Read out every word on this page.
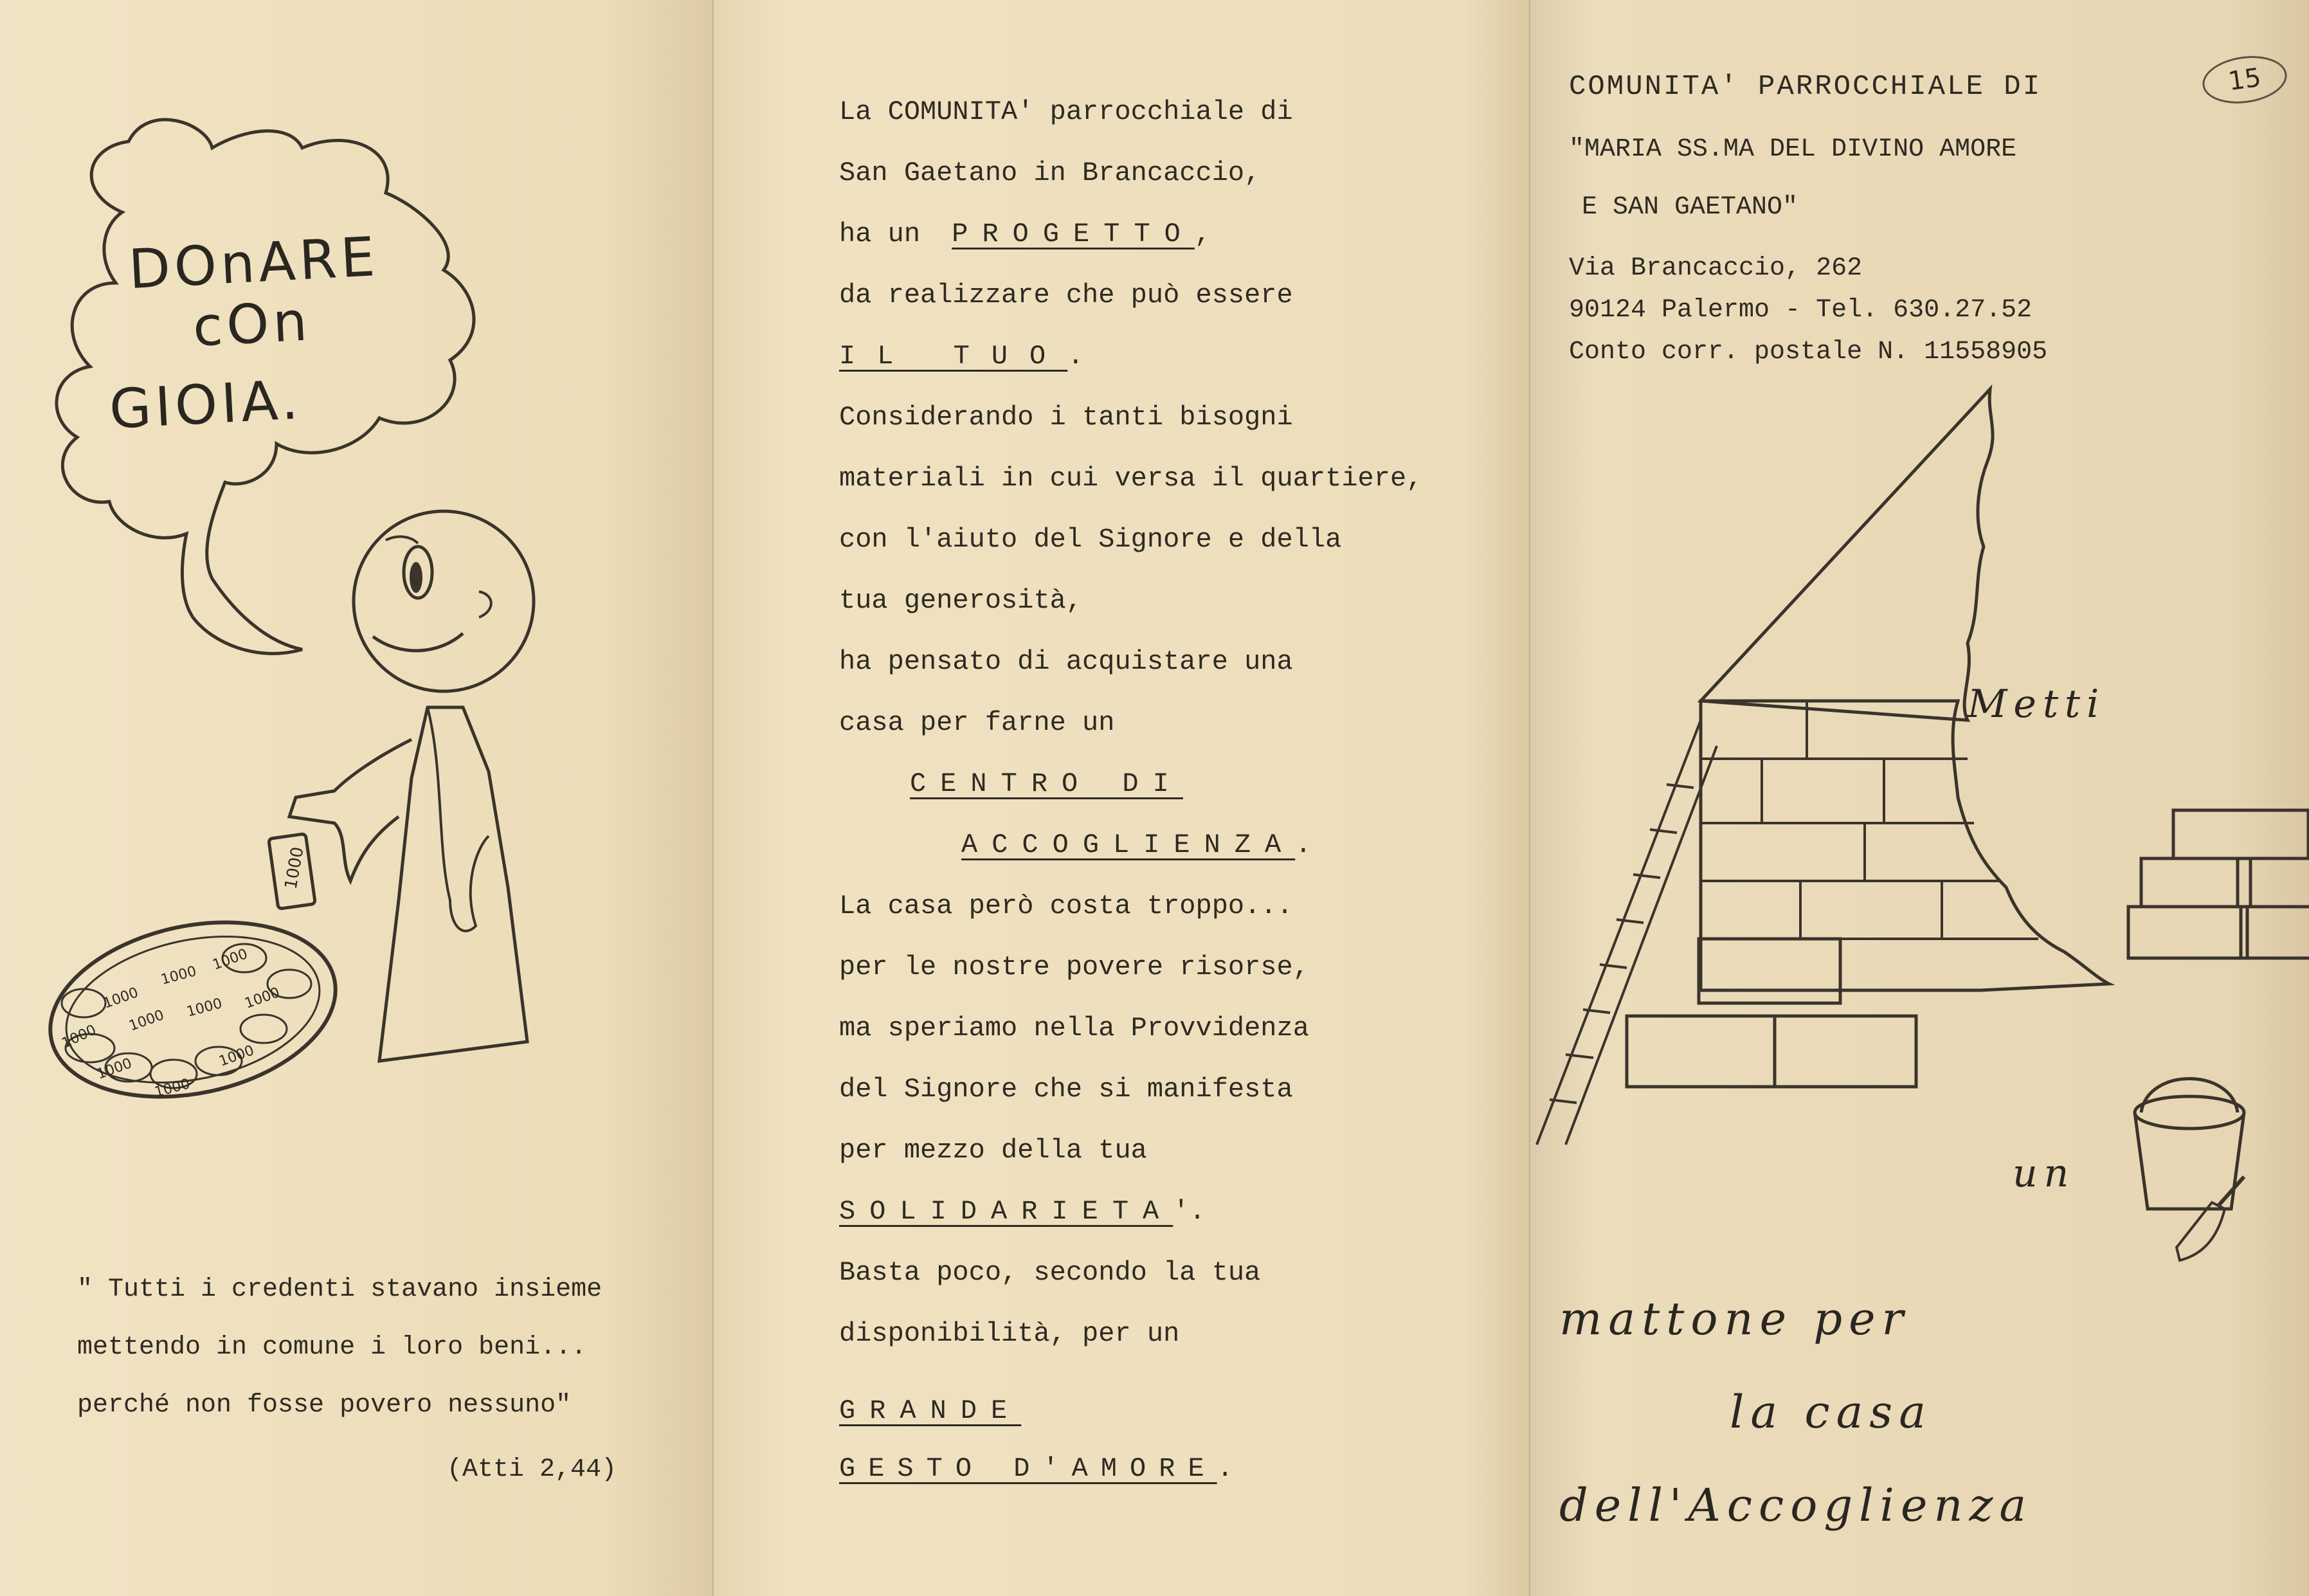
DOnARE
cOn
GIOIA.
1000
1000
1000
1000
1000
1000 1000 1000
1000
1000
1000
" Tutti i credenti stavano insieme
mettendo in comune i loro beni...
perché non fosse povero nessuno"
(Atti 2,44)
La COMUNITA' parrocchiale di
San Gaetano in Brancaccio,
ha un PROGETTO,
da realizzare che può essere
IL TUO.
Considerando i tanti bisogni
materiali in cui versa il quartiere,
con l'aiuto del Signore e della
tua generosità,
ha pensato di acquistare una
casa per farne un
CENTRO DI
ACCOGLIENZA.
La casa però costa troppo...
per le nostre povere risorse,
ma speriamo nella Provvidenza
del Signore che si manifesta
per mezzo della tua
SOLIDARIETA'.
Basta poco, secondo la tua
disponibilità, per un
GRANDE
GESTO D'AMORE.
15
COMUNITA' PARROCCHIALE DI
"MARIA SS.MA DEL DIVINO AMORE
E SAN GAETANO"
Via Brancaccio, 262
90124 Palermo - Tel. 630.27.52
Conto corr. postale N. 11558905
Metti
un
mattone per
la casa
dell'Accoglienza
